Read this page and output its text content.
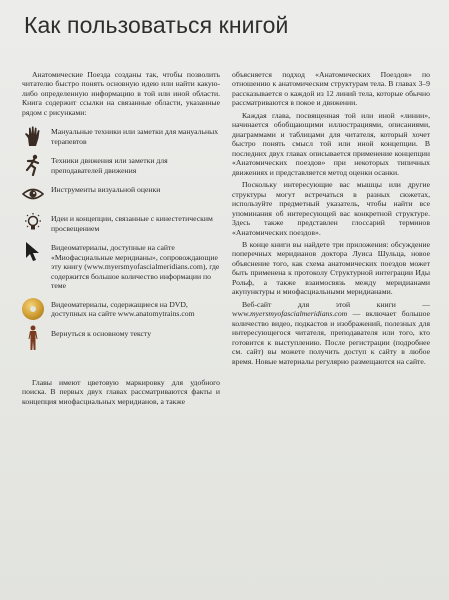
Как пользоваться книгой

Анатомические Поезда созданы так, чтобы позволить читателю быстро понять основную идею или найти какую-либо определенную информацию в той или иной области. Книга содержит ссылки на связанные области, указанные рядом с рисунками:

Мануальные техники или заметки для мануальных терапевтов
Техники движения или заметки для преподавателей движения
Инструменты визуальной оценки
Идеи и концепции, связанные с кинестетическим просвещением
Видеоматериалы, доступные на сайте «Миофасциальные меридианы», сопровождающие эту книгу (www.myersmyofascialmeridians.com), где содержится большое количество информации по теме
Видеоматериалы, содержащиеся на DVD, доступных на сайте www.anatomytrains.com
Вернуться к основному тексту

Главы имеют цветовую маркировку для удобного поиска. В первых двух главах рассматриваются факты и концепция миофасциальных меридианов, а также

объясняется подход «Анатомических Поездов» по отношению к анатомическим структурам тела. В главах 3–9 рассказывается о каждой из 12 линий тела, которые обычно рассматриваются в покое и движении.

Каждая глава, посвященная той или иной «линии», начинается обобщающими иллюстрациями, описаниями, диаграммами и таблицами для читателя, который хочет быстро понять смысл той или иной концепции. В последних двух главах описывается применение концепции «Анатомических поездов» при некоторых типичных движениях и представляется метод оценки осанки.

Поскольку интересующие вас мышцы или другие структуры могут встречаться в разных сюжетах, используйте предметный указатель, чтобы найти все упоминания об интересующей вас конкретной структуре. Здесь также представлен глоссарий терминов «Анатомических поездов».

В конце книги вы найдете три приложения: обсуждение поперечных меридианов доктора Луиса Шульца, новое объяснение того, как схема анатомических поездов может быть применена к протоколу Структурной интеграции Иды Рольф, а также взаимосвязь между меридианами акупунктуры и миофасциальными меридианами.

Веб-сайт для этой книги — www.myersmyofascialmeridians.com — включает большое количество видео, подкастов и изображений, полезных для интересующегося читателя, преподавателя или того, кто готовится к выступлению. После регистрации (подробнее см. сайт) вы можете получить доступ к сайту в любое время. Новые материалы регулярно размещаются на сайте.
